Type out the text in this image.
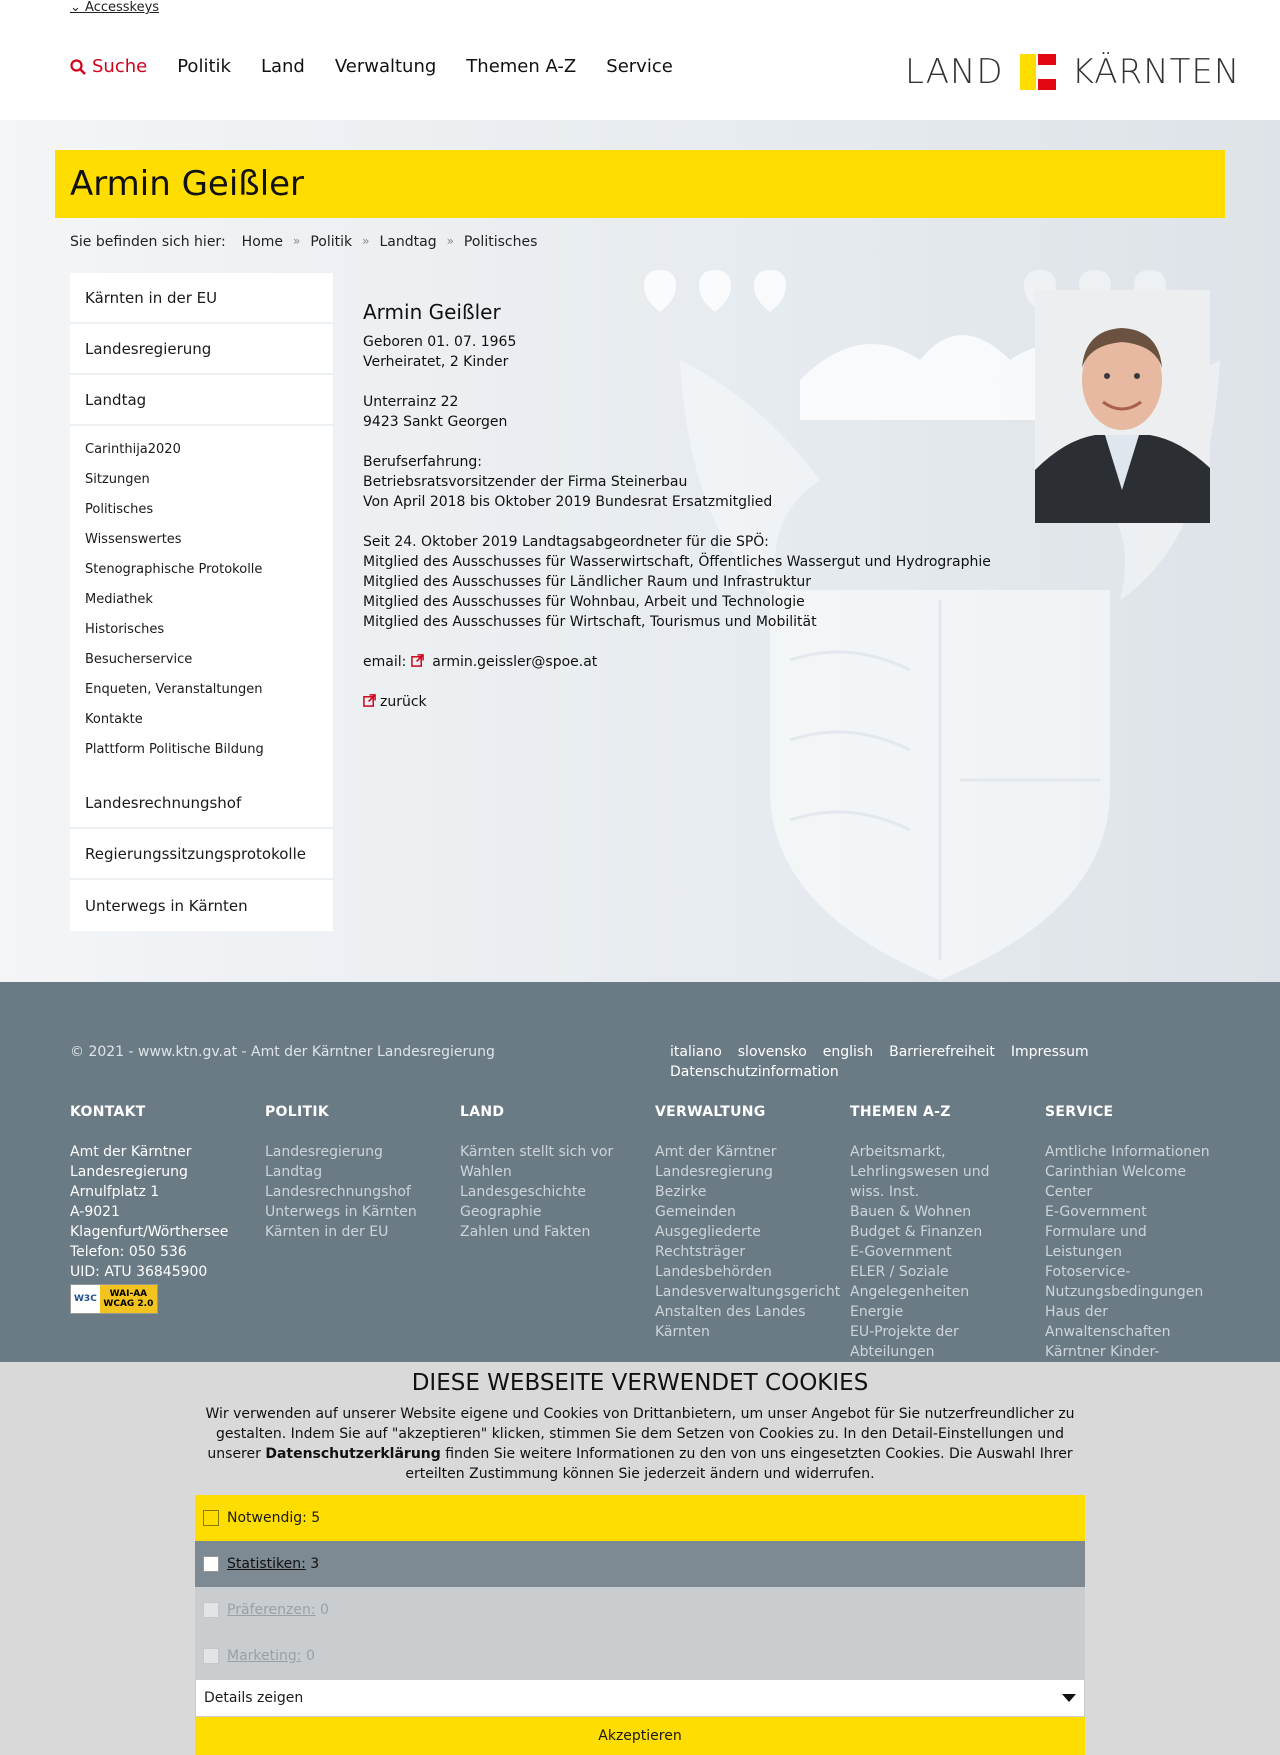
⌄ Accesskeys
Suche Politik Land Verwaltung Themen A-Z Service	LAND KÄRNTEN
Armin Geißler
Sie befinden sich hier: Home » Politik » Landtag » Politisches
Kärnten in der EU
Landesregierung
Landtag
Carinthija2020
Sitzungen
Politisches
Wissenswertes
Stenographische Protokolle
Mediathek
Historisches
Besucherservice
Enqueten, Veranstaltungen
Kontakte
Plattform Politische Bildung
Landesrechnungshof
Regierungssitzungsprotokolle
Unterwegs in Kärnten
Armin Geißler
Geboren 01. 07. 1965
Verheiratet, 2 Kinder
Unterrainz 22
9423 Sankt Georgen
Berufserfahrung:
Betriebsratsvorsitzender der Firma Steinerbau
Von April 2018 bis Oktober 2019 Bundesrat Ersatzmitglied
Seit 24. Oktober 2019 Landtagsabgeordneter für die SPÖ:
Mitglied des Ausschusses für Wasserwirtschaft, Öffentliches Wassergut und Hydrographie
Mitglied des Ausschusses für Ländlicher Raum und Infrastruktur
Mitglied des Ausschusses für Wohnbau, Arbeit und Technologie
Mitglied des Ausschusses für Wirtschaft, Tourismus und Mobilität
email: armin.geissler@spoe.at
zurück
© 2021 - www.ktn.gv.at - Amt der Kärntner Landesregierung	italiano slovensko english Barrierefreiheit Impressum
Datenschutzinformation
KONTAKT
Amt der Kärntner
Landesregierung
Arnulfplatz 1
A-9021
Klagenfurt/Wörthersee
Telefon: 050 536
UID: ATU 36845900
W3C	WAI-AA
WCAG 2.0
POLITIK
Landesregierung
Landtag
Landesrechnungshof
Unterwegs in Kärnten
Kärnten in der EU
LAND
Kärnten stellt sich vor
Wahlen
Landesgeschichte
Geographie
Zahlen und Fakten
VERWALTUNG
Amt der Kärntner
Landesregierung
Bezirke
Gemeinden
Ausgegliederte
Rechtsträger
Landesbehörden
Landesverwaltungsgericht
Anstalten des Landes
Kärnten
THEMEN A-Z
Arbeitsmarkt,
Lehrlingswesen und
wiss. Inst.
Bauen & Wohnen
Budget & Finanzen
E-Government
ELER / Soziale
Angelegenheiten
Energie
EU-Projekte der
Abteilungen
SERVICE
Amtliche Informationen
Carinthian Welcome
Center
E-Government
Formulare und
Leistungen
Fotoservice-
Nutzungsbedingungen
Haus der
Anwaltenschaften
Kärntner Kinder-
DIESE WEBSEITE VERWENDET COOKIES

Wir verwenden auf unserer Website eigene und Cookies von Drittanbietern, um unser Angebot für Sie nutzerfreundlicher zu gestalten. Indem Sie auf "akzeptieren" klicken, stimmen Sie dem Setzen von Cookies zu. In den Detail-Einstellungen und unserer Datenschutzerklärung finden Sie weitere Informationen zu den von uns eingesetzten Cookies. Die Auswahl Ihrer erteilten Zustimmung können Sie jederzeit ändern und widerrufen.

Notwendig:
5
Statistiken:
3
Präferenzen:
0
Marketing:
0
Details zeigen
Akzeptieren
